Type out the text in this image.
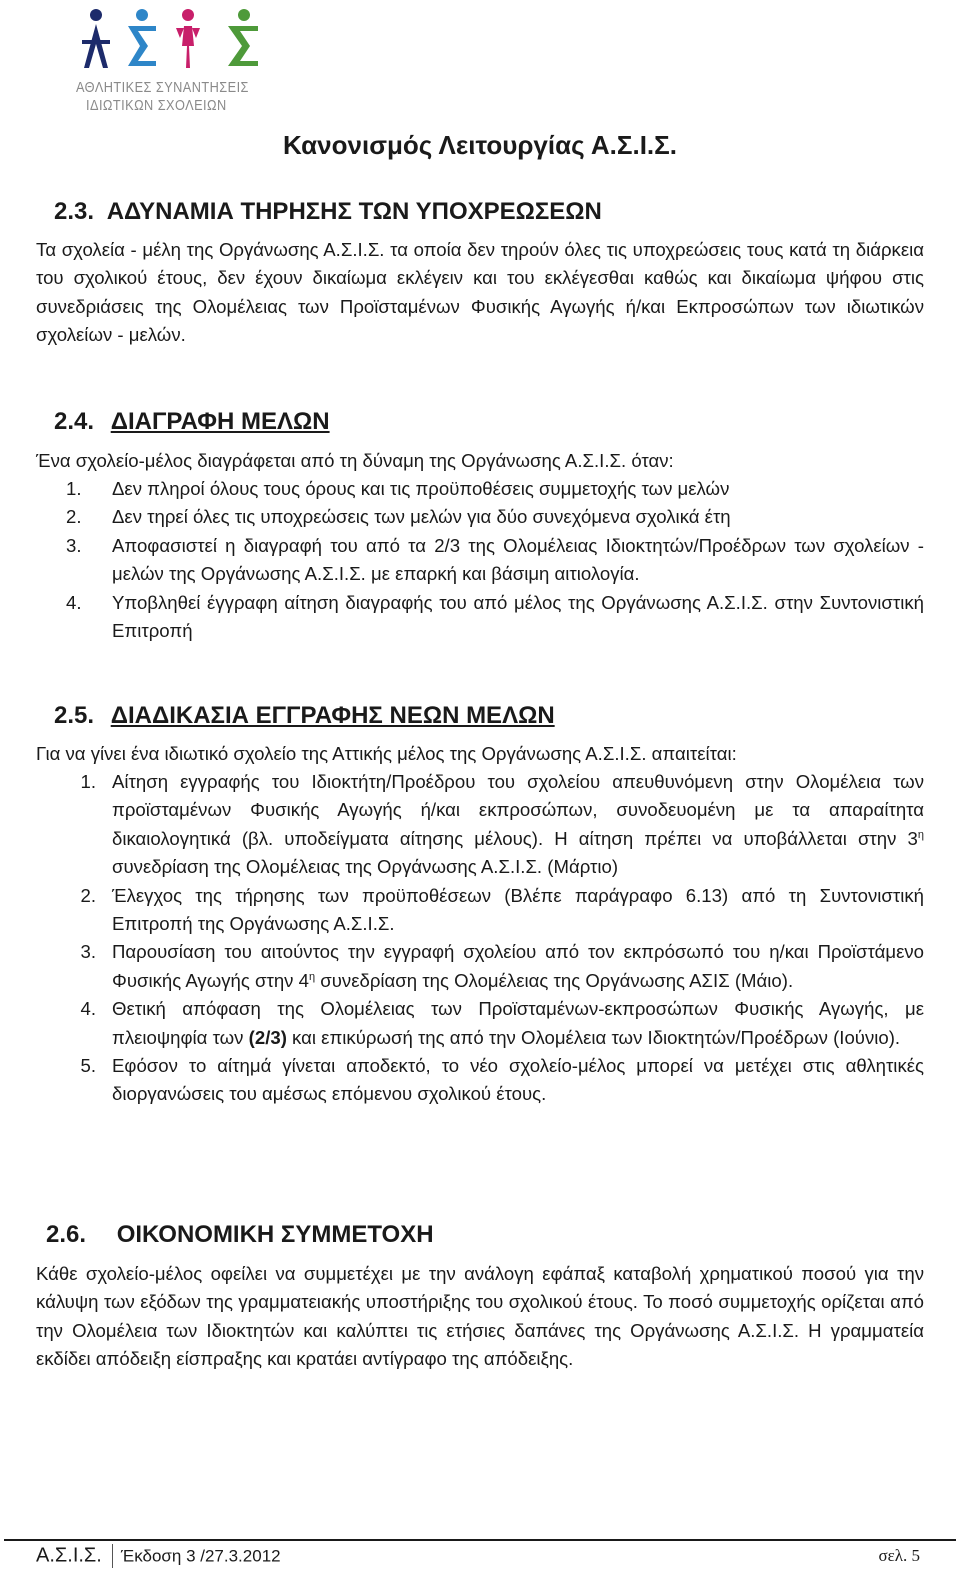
ΑΘΛΗΤΙΚΕΣ ΣΥΝΑΝΤΗΣΕΙΣ
ΙΔΙΩΤΙΚΩΝ ΣΧΟΛΕΙΩΝ
Κανονισμός Λειτουργίας Α.Σ.Ι.Σ.
2.3. ΑΔΥΝΑΜΙΑ ΤΗΡΗΣΗΣ ΤΩΝ ΥΠΟΧΡΕΩΣΕΩΝ
Τα σχολεία - μέλη της Οργάνωσης Α.Σ.Ι.Σ. τα οποία δεν τηρούν όλες τις υποχρεώσεις τους κατά τη διάρκεια του σχολικού έτους, δεν έχουν δικαίωμα εκλέγειν και του εκλέγεσθαι καθώς και δικαίωμα ψήφου στις συνεδριάσεις της Ολομέλειας των Προϊσταμένων Φυσικής Αγωγής ή/και Εκπροσώπων των ιδιωτικών σχολείων - μελών.
2.4. ΔΙΑΓΡΑΦΗ ΜΕΛΩΝ
Ένα σχολείο-μέλος διαγράφεται από τη δύναμη της Οργάνωσης Α.Σ.Ι.Σ. όταν:
1.	Δεν πληροί όλους τους όρους και τις προϋποθέσεις συμμετοχής των μελών
2.	Δεν τηρεί όλες τις υποχρεώσεις των μελών για δύο συνεχόμενα σχολικά έτη
3.	Αποφασιστεί η διαγραφή του από τα 2/3 της Ολομέλειας Ιδιοκτητών/Προέδρων των σχολείων - μελών της Οργάνωσης Α.Σ.Ι.Σ. με επαρκή και βάσιμη αιτιολογία.
4.	Υποβληθεί έγγραφη αίτηση διαγραφής του από μέλος της Οργάνωσης Α.Σ.Ι.Σ. στην Συντονιστική Επιτροπή
2.5. ΔΙΑΔΙΚΑΣΙΑ ΕΓΓΡΑΦΗΣ ΝΕΩΝ ΜΕΛΩΝ
Για να γίνει ένα ιδιωτικό σχολείο της Αττικής μέλος της Οργάνωσης Α.Σ.Ι.Σ. απαιτείται:
1. Αίτηση εγγραφής του Ιδιοκτήτη/Προέδρου του σχολείου απευθυνόμενη στην Ολομέλεια των προϊσταμένων Φυσικής Αγωγής ή/και εκπροσώπων, συνοδευομένη με τα απαραίτητα δικαιολογητικά (βλ. υποδείγματα αίτησης μέλους). Η αίτηση πρέπει να υποβάλλεται στην $3^\eta$ συνεδρίαση της Ολομέλειας της Οργάνωσης Α.Σ.Ι.Σ. (Μάρτιο)
2. Έλεγχος της τήρησης των προϋποθέσεων (Βλέπε παράγραφο 6.13) από τη Συντονιστική Επιτροπή της Οργάνωσης Α.Σ.Ι.Σ.
3. Παρουσίαση του αιτούντος την εγγραφή σχολείου από τον εκπρόσωπό του η/και Προϊστάμενο Φυσικής Αγωγής στην $4^\eta$ συνεδρίαση της Ολομέλειας της Οργάνωσης ΑΣΙΣ (Μάιο).
4. Θετική απόφαση της Ολομέλειας των Προϊσταμένων-εκπροσώπων Φυσικής Αγωγής, με πλειοψηφία των (2/3) και επικύρωσή της από την Ολομέλεια των Ιδιοκτητών/Προέδρων (Ιούνιο).
5. Εφόσον το αίτημά γίνεται αποδεκτό, το νέο σχολείο-μέλος μπορεί να μετέχει στις αθλητικές διοργανώσεις του αμέσως επόμενου σχολικού έτους.
2.6. ΟΙΚΟΝΟΜΙΚΗ ΣΥΜΜΕΤΟΧΗ
Κάθε σχολείο-μέλος οφείλει να συμμετέχει με την ανάλογη εφάπαξ καταβολή χρηματικού ποσού για την κάλυψη των εξόδων της γραμματειακής υποστήριξης του σχολικού έτους. Το ποσό συμμετοχής ορίζεται από την Ολομέλεια των Ιδιοκτητών και καλύπτει τις ετήσιες δαπάνες της Οργάνωσης Α.Σ.Ι.Σ. Η γραμματεία εκδίδει απόδειξη είσπραξης και κρατάει αντίγραφο της απόδειξης.
Α.Σ.Ι.Σ. Έκδοση 3 /27.3.2012	σελ. 5
